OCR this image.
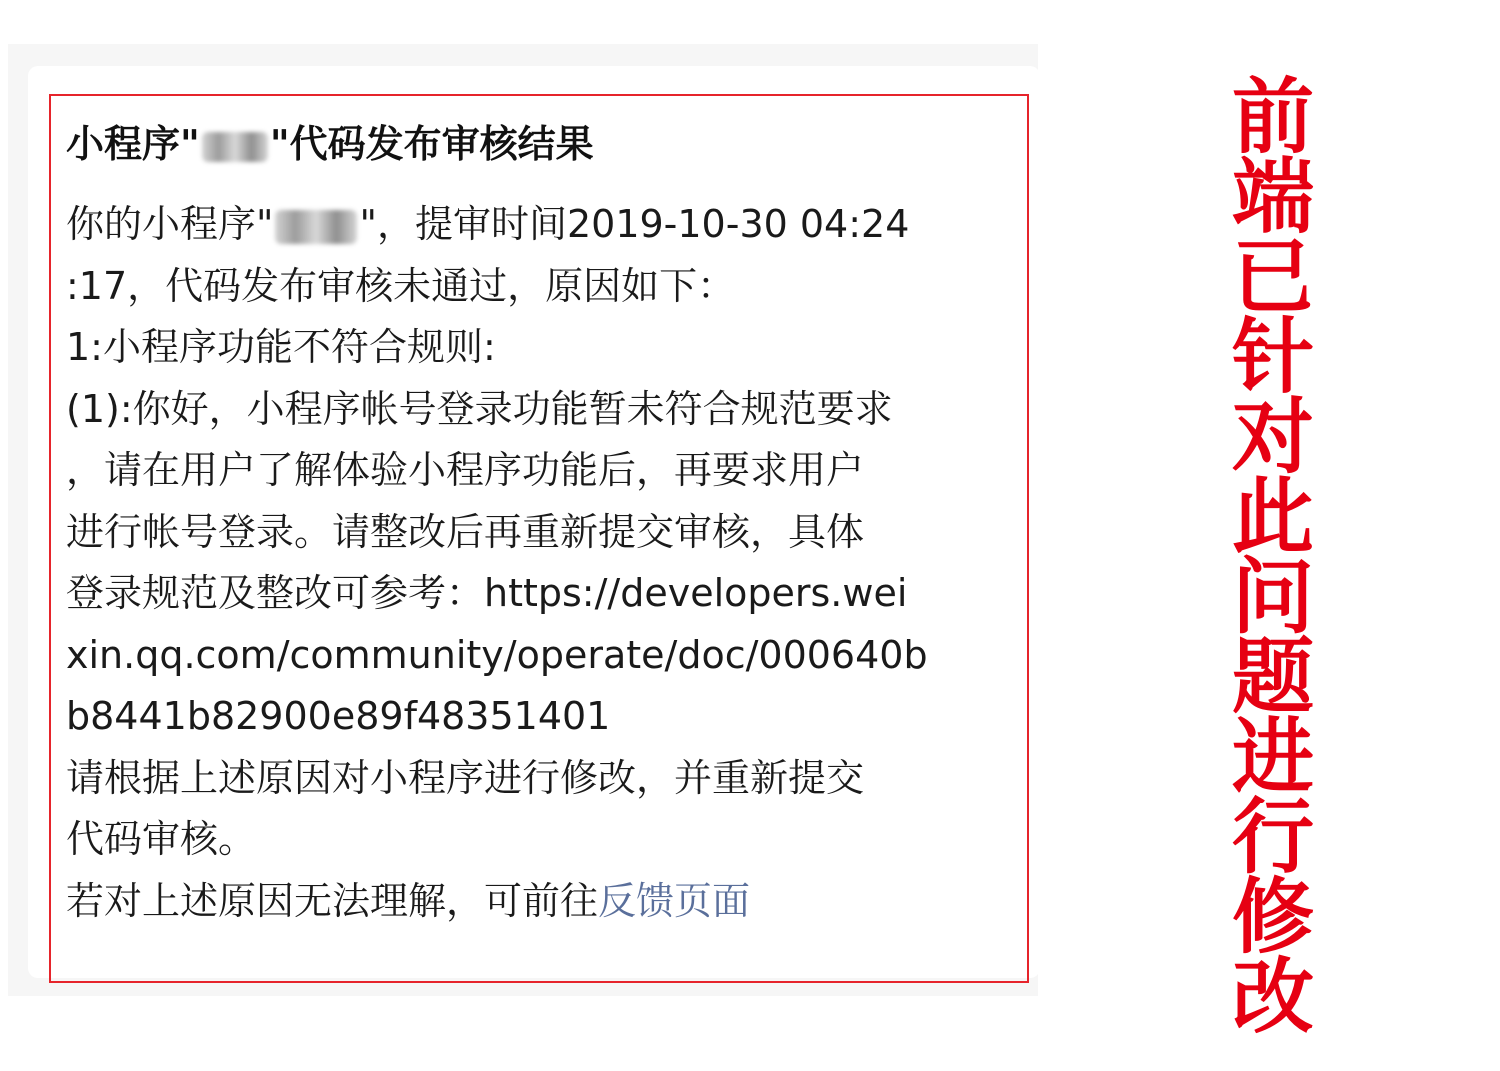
小程序" "代码发布审核结果
你的小程序" "，提审时间2019-10-30 04:24
:17，代码发布审核未通过，原因如下：
1:小程序功能不符合规则:
(1):你好，小程序帐号登录功能暂未符合规范要求
，请在用户了解体验小程序功能后，再要求用户
进行帐号登录。请整改后再重新提交审核，具体
登录规范及整改可参考：https://developers.wei
xin.qq.com/community/operate/doc/000640b
b8441b82900e89f48351401
请根据上述原因对小程序进行修改，并重新提交
代码审核。
若对上述原因无法理解，可前往反馈页面
前
端
已
针
对
此
问
题
进
行
修
改
